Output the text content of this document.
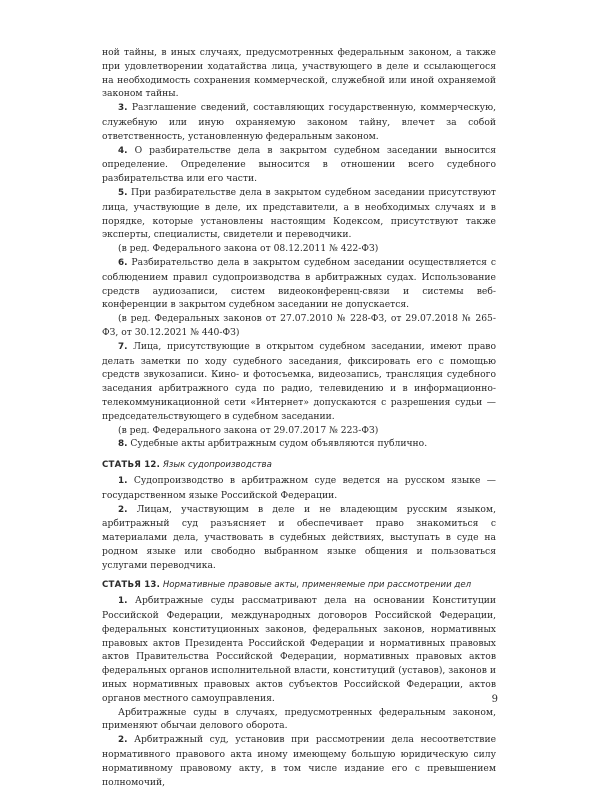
ной тайны, в иных случаях, предусмотренных федеральным законом, а также при удовлетворении ходатайства лица, участвующего в деле и ссылающегося на необходимость сохранения коммерческой, служебной или иной охраняемой законом тайны.

3. Разглашение сведений, составляющих государственную, коммерческую, служебную или иную охраняемую законом тайну, влечет за собой ответственность, установленную федеральным законом.

4. О разбирательстве дела в закрытом судебном заседании выносится определение. Определение выносится в отношении всего судебного разбирательства или его части.

5. При разбирательстве дела в закрытом судебном заседании присутствуют лица, участвующие в деле, их представители, а в необходимых случаях и в порядке, которые установлены настоящим Кодексом, присутствуют также эксперты, специалисты, свидетели и переводчики.

(в ред. Федерального закона от 08.12.2011 № 422-ФЗ)

6. Разбирательство дела в закрытом судебном заседании осуществляется с соблюдением правил судопроизводства в арбитражных судах. Использование средств аудиозаписи, систем видеоконференц-связи и системы веб-конференции в закрытом судебном заседании не допускается.

(в ред. Федеральных законов от 27.07.2010 № 228-ФЗ, от 29.07.2018 № 265-ФЗ, от 30.12.2021 № 440-ФЗ)

7. Лица, присутствующие в открытом судебном заседании, имеют право делать заметки по ходу судебного заседания, фиксировать его с помощью средств звукозаписи. Кино- и фотосъемка, видеозапись, трансляция судебного заседания арбитражного суда по радио, телевидению и в информационно-телекоммуникационной сети «Интернет» допускаются с разрешения судьи — председательствующего в судебном заседании.

(в ред. Федерального закона от 29.07.2017 № 223-ФЗ)

8. Судебные акты арбитражным судом объявляются публично.

СТАТЬЯ 12. Язык судопроизводства

1. Судопроизводство в арбитражном суде ведется на русском языке — государственном языке Российской Федерации.

2. Лицам, участвующим в деле и не владеющим русским языком, арбитражный суд разъясняет и обеспечивает право знакомиться с материалами дела, участвовать в судебных действиях, выступать в суде на родном языке или свободно выбранном языке общения и пользоваться услугами переводчика.

СТАТЬЯ 13. Нормативные правовые акты, применяемые при рассмотрении дел

1. Арбитражные суды рассматривают дела на основании Конституции Российской Федерации, международных договоров Российской Федерации, федеральных конституционных законов, федеральных законов, нормативных правовых актов Президента Российской Федерации и нормативных правовых актов Правительства Российской Федерации, нормативных правовых актов федеральных органов исполнительной власти, конституций (уставов), законов и иных нормативных правовых актов субъектов Российской Федерации, актов органов местного самоуправления.

Арбитражные суды в случаях, предусмотренных федеральным законом, применяют обычаи делового оборота.

2. Арбитражный суд, установив при рассмотрении дела несоответствие нормативного правового акта иному имеющему большую юридическую силу нормативному правовому акту, в том числе издание его с превышением полномочий,

9
